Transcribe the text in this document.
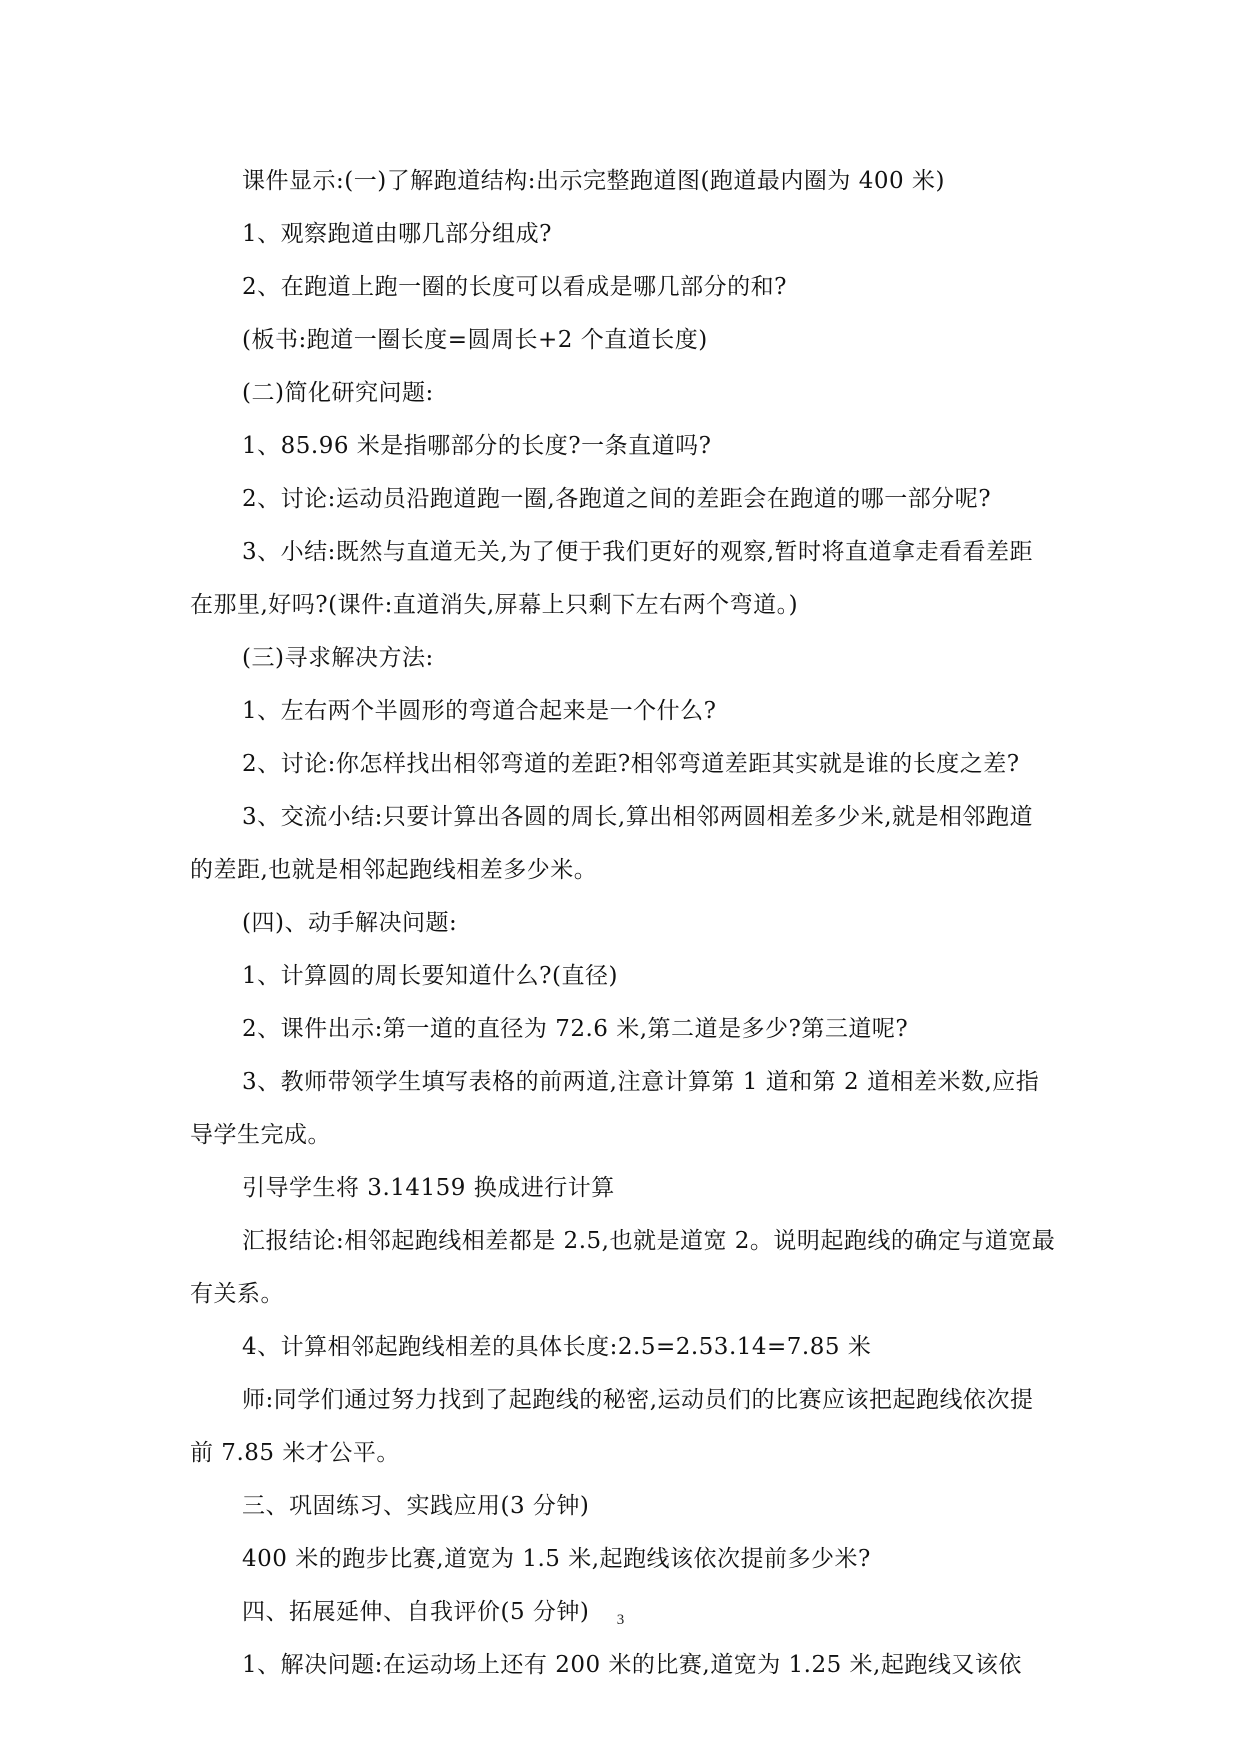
课件显示:(一)了解跑道结构:出示完整跑道图(跑道最内圈为 400 米)

1、观察跑道由哪几部分组成?

2、在跑道上跑一圈的长度可以看成是哪几部分的和?

(板书:跑道一圈长度=圆周长+2 个直道长度)

(二)简化研究问题:

1、85.96 米是指哪部分的长度?一条直道吗?

2、讨论:运动员沿跑道跑一圈,各跑道之间的差距会在跑道的哪一部分呢?

3、小结:既然与直道无关,为了便于我们更好的观察,暂时将直道拿走看看差距在那里,好吗?(课件:直道消失,屏幕上只剩下左右两个弯道。)

(三)寻求解决方法:

1、左右两个半圆形的弯道合起来是一个什么?

2、讨论:你怎样找出相邻弯道的差距?相邻弯道差距其实就是谁的长度之差?

3、交流小结:只要计算出各圆的周长,算出相邻两圆相差多少米,就是相邻跑道的差距,也就是相邻起跑线相差多少米。

(四)、动手解决问题:

1、计算圆的周长要知道什么?(直径)

2、课件出示:第一道的直径为 72.6 米,第二道是多少?第三道呢?

3、教师带领学生填写表格的前两道,注意计算第 1 道和第 2 道相差米数,应指导学生完成。

引导学生将 3.14159 换成进行计算

汇报结论:相邻起跑线相差都是 2.5,也就是道宽 2。说明起跑线的确定与道宽最有关系。

4、计算相邻起跑线相差的具体长度:2.5=2.53.14=7.85 米

师:同学们通过努力找到了起跑线的秘密,运动员们的比赛应该把起跑线依次提前 7.85 米才公平。

三、巩固练习、实践应用(3 分钟)

400 米的跑步比赛,道宽为 1.5 米,起跑线该依次提前多少米?

四、拓展延伸、自我评价(5 分钟)

1、解决问题:在运动场上还有 200 米的比赛,道宽为 1.25 米,起跑线又该依

3
